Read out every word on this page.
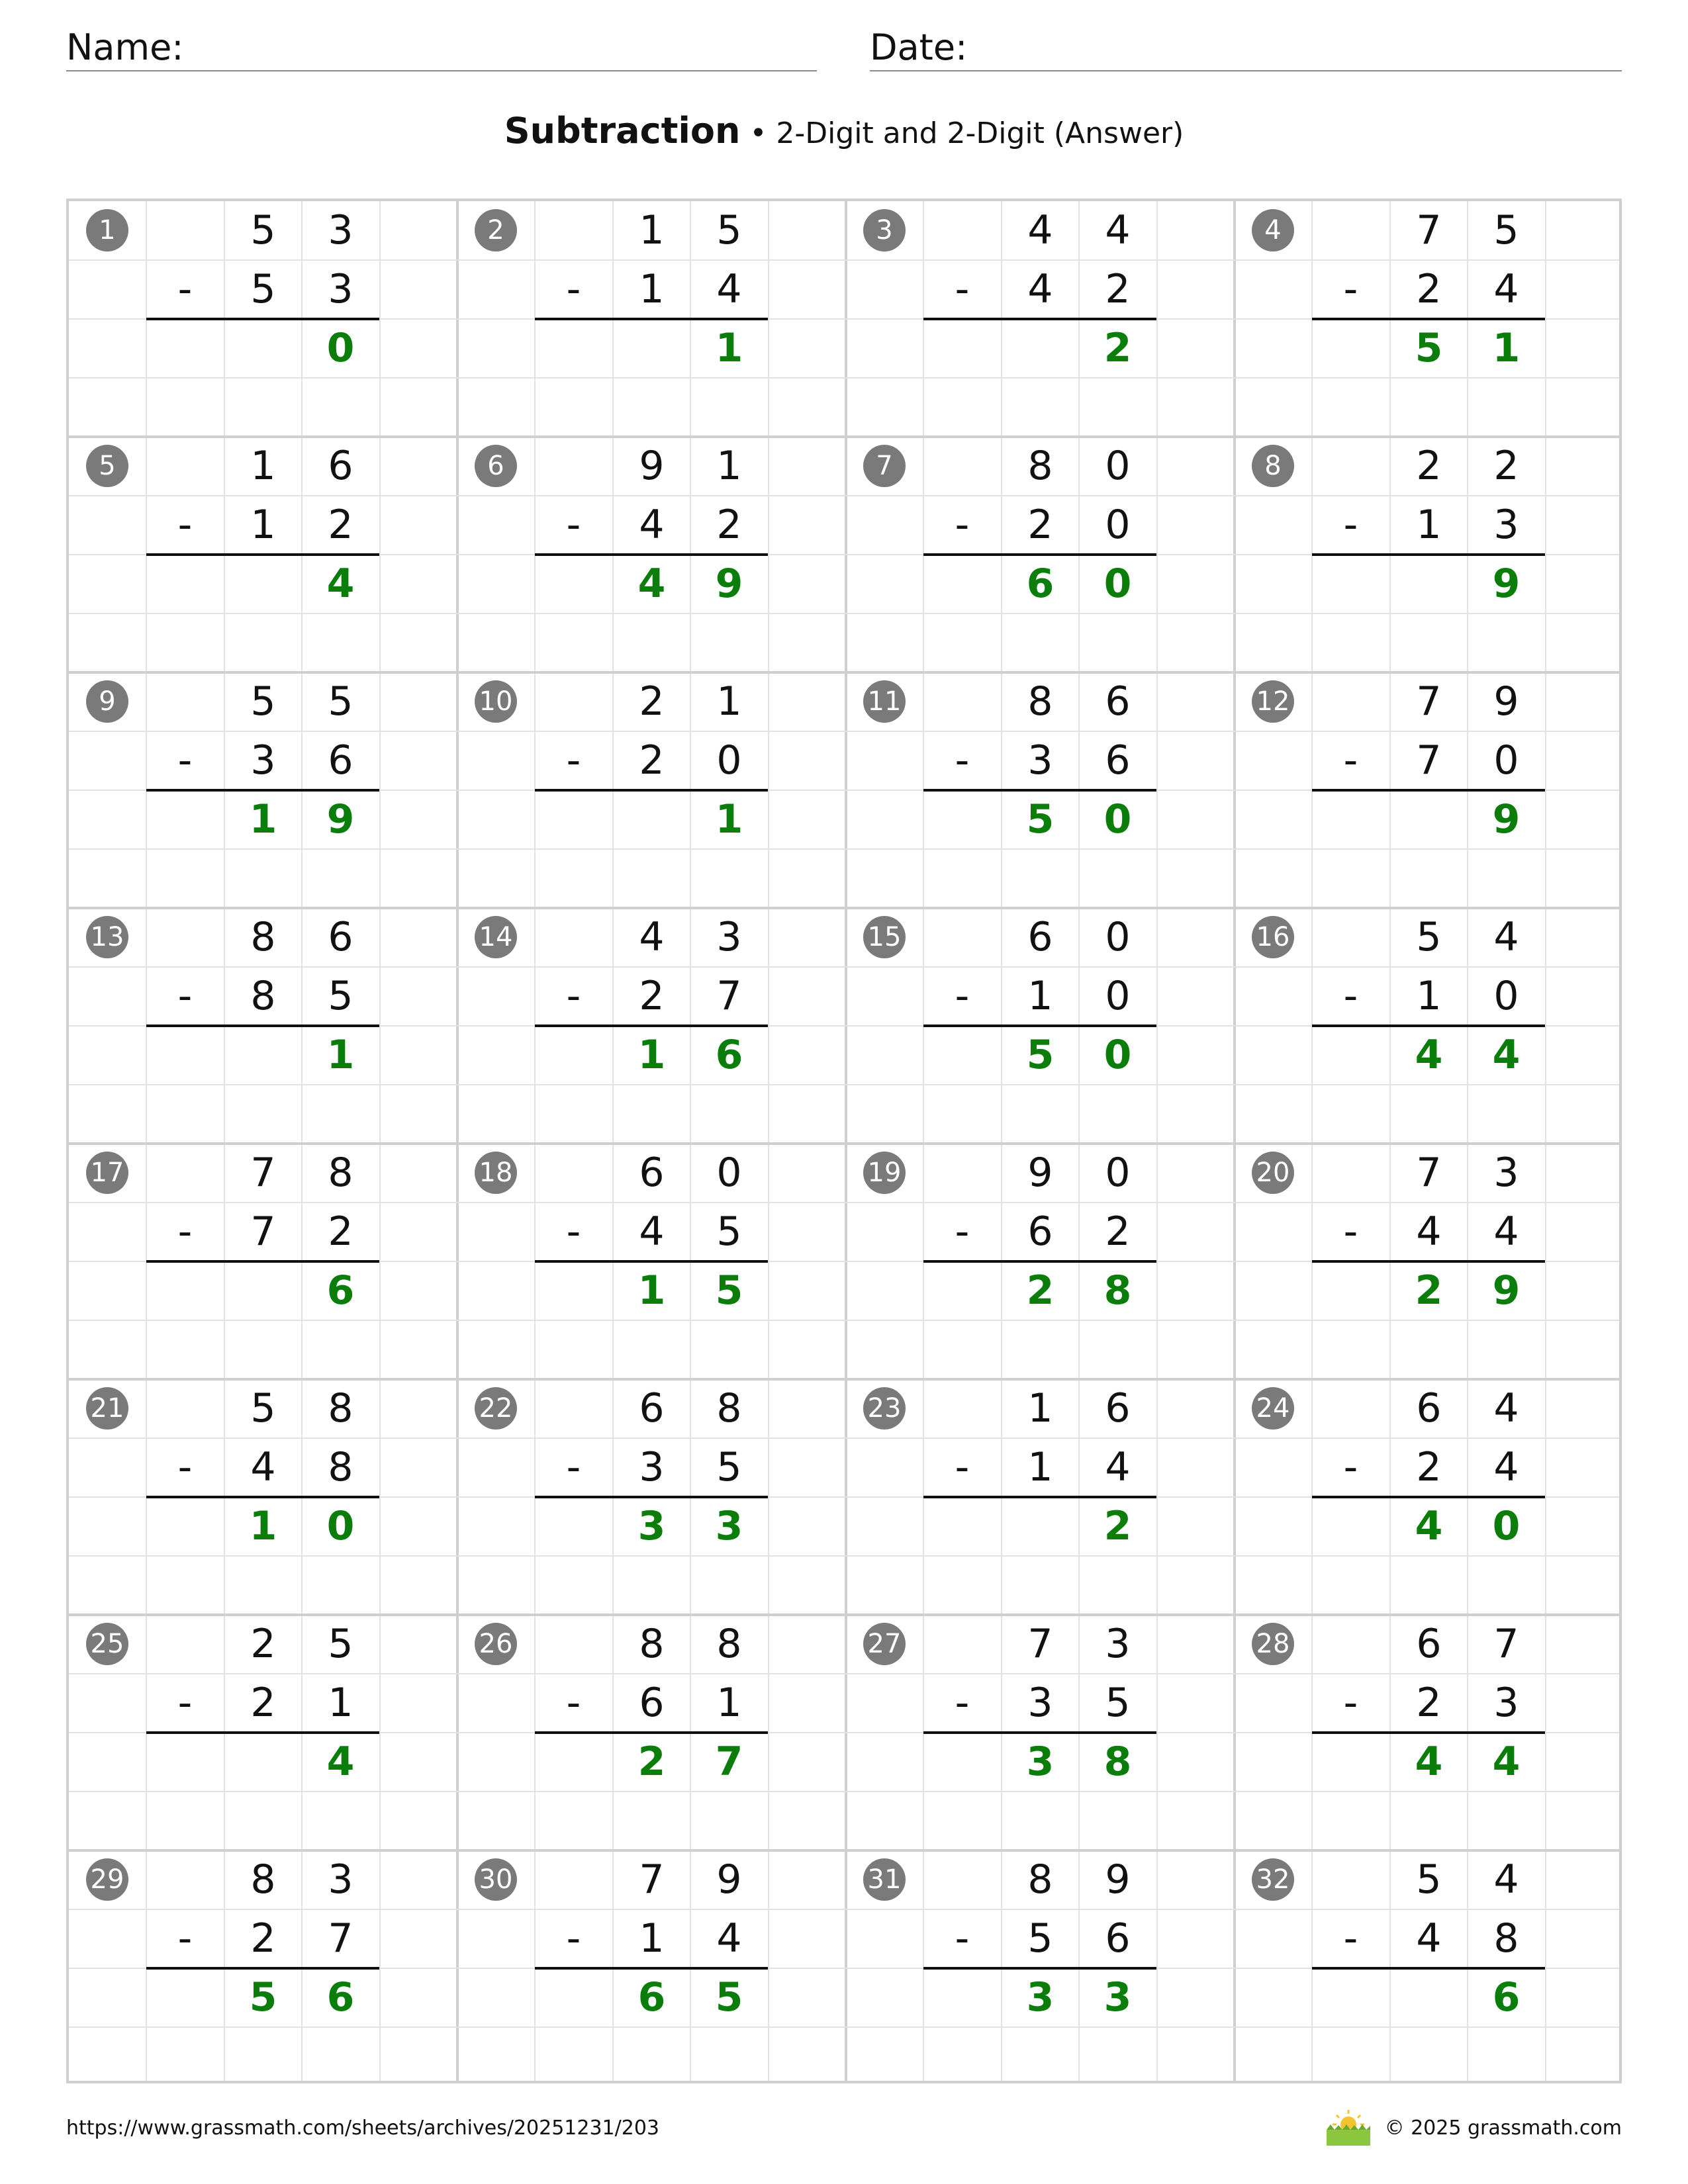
Name:	Date:
Subtraction • 2-Digit and 2-Digit (Answer)
1	5	3
-	5	3
0
2	1	5
-	1	4
1
3	4	4
-	4	2
2
4	7	5
-	2	4
5	1
5	1	6
-	1	2
4
6	9	1
-	4	2
4	9
7	8	0
-	2	0
6	0
8	2	2
-	1	3
9
9	5	5
-	3	6
1	9
10	2	1
-	2	0
1
11	8	6
-	3	6
5	0
12	7	9
-	7	0
9
13	8	6
-	8	5
1
14	4	3
-	2	7
1	6
15	6	0
-	1	0
5	0
16	5	4
-	1	0
4	4
17	7	8
-	7	2
6
18	6	0
-	4	5
1	5
19	9	0
-	6	2
2	8
20	7	3
-	4	4
2	9
21	5	8
-	4	8
1	0
22	6	8
-	3	5
3	3
23	1	6
-	1	4
2
24	6	4
-	2	4
4	0
25	2	5
-	2	1
4
26	8	8
-	6	1
2	7
27	7	3
-	3	5
3	8
28	6	7
-	2	3
4	4
29	8	3
-	2	7
5	6
30	7	9
-	1	4
6	5
31	8	9
-	5	6
3	3
32	5	4
-	4	8
6
https://www.grassmath.com/sheets/archives/20251231/203	© 2025 grassmath.com
